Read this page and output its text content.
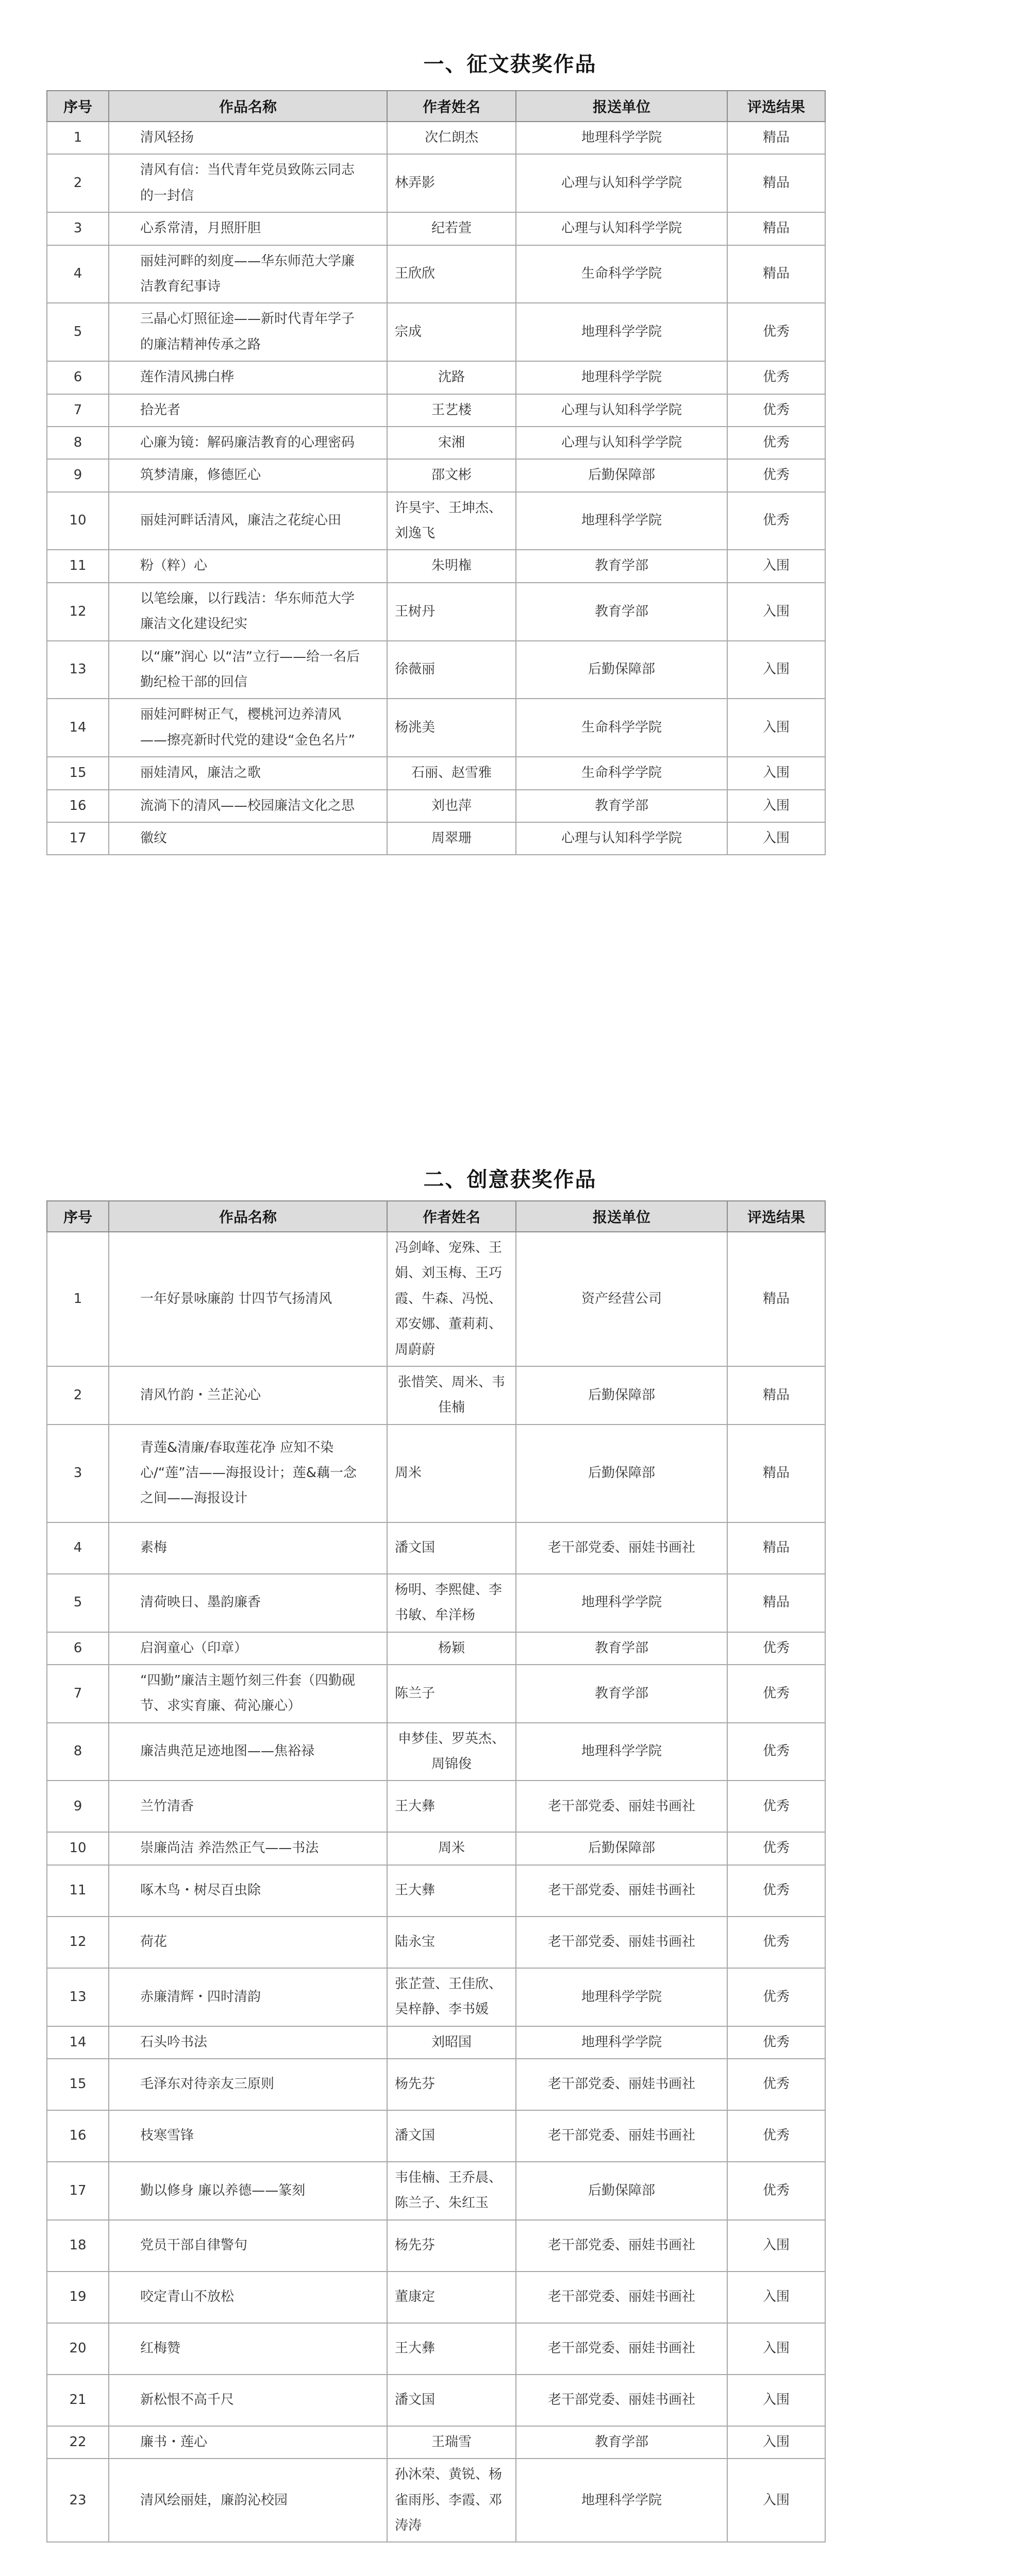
一、征文获奖作品
序号	作品名称	作者姓名	报送单位	评选结果
1	清风轻扬	次仁朗杰	地理科学学院	精品
2	清风有信：当代青年党员致陈云同志的一封信	林弄影	心理与认知科学学院	精品
3	心系常清，月照肝胆	纪若萱	心理与认知科学学院	精品
4	丽娃河畔的刻度——华东师范大学廉洁教育纪事诗	王欣欣	生命科学学院	精品
5	三晶心灯照征途——新时代青年学子的廉洁精神传承之路	宗成	地理科学学院	优秀
6	莲作清风拂白桦	沈路	地理科学学院	优秀
7	拾光者	王艺楼	心理与认知科学学院	优秀
8	心廉为镜：解码廉洁教育的心理密码	宋湘	心理与认知科学学院	优秀
9	筑梦清廉，修德匠心	邵文彬	后勤保障部	优秀
10	丽娃河畔话清风，廉洁之花绽心田	许昊宇、王坤杰、刘逸飞	地理科学学院	优秀
11	粉（粹）心	朱明権	教育学部	入围
12	以笔绘廉，以行践洁：华东师范大学廉洁文化建设纪实	王树丹	教育学部	入围
13	以“廉”润心 以“洁”立行——给一名后勤纪检干部的回信	徐薇丽	后勤保障部	入围
14	丽娃河畔树正气，樱桃河边养清风——擦亮新时代党的建设“金色名片”	杨洮美	生命科学学院	入围
15	丽娃清风，廉洁之歌	石丽、赵雪雅	生命科学学院	入围
16	流淌下的清风——校园廉洁文化之思	刘也萍	教育学部	入围
17	徽纹	周翠珊	心理与认知科学学院	入围
二、创意获奖作品
序号	作品名称	作者姓名	报送单位	评选结果
1	一年好景咏廉韵 廿四节气扬清风	冯剑峰、宠殊、王娟、刘玉梅、王巧霞、牛森、冯悦、邓安娜、董莉莉、周蔚蔚	资产经营公司	精品
2	清风竹韵・兰芷沁心	张惜笑、周米、韦佳楠	后勤保障部	精品
3	青莲&清廉/春取莲花净 应知不染心/“莲”洁——海报设计；莲&藕一念之间——海报设计	周米	后勤保障部	精品
4	素梅	潘文国	老干部党委、丽娃书画社	精品
5	清荷映日、墨韵廉香	杨明、李熙健、李书敏、牟洋杨	地理科学学院	精品
6	启润童心（印章）	杨颖	教育学部	优秀
7	“四勤”廉洁主题竹刻三件套（四勤砚节、求实育廉、荷沁廉心）	陈兰子	教育学部	优秀
8	廉洁典范足迹地图——焦裕禄	申梦佳、罗英杰、周锦俊	地理科学学院	优秀
9	兰竹清香	王大彝	老干部党委、丽娃书画社	优秀
10	崇廉尚洁 养浩然正气——书法	周米	后勤保障部	优秀
11	啄木鸟・树尽百虫除	王大彝	老干部党委、丽娃书画社	优秀
12	荷花	陆永宝	老干部党委、丽娃书画社	优秀
13	赤廉清辉・四时清韵	张芷萱、王佳欣、吴梓静、李书媛	地理科学学院	优秀
14	石头吟书法	刘昭国	地理科学学院	优秀
15	毛泽东对待亲友三原则	杨先芬	老干部党委、丽娃书画社	优秀
16	枝寒雪锋	潘文国	老干部党委、丽娃书画社	优秀
17	勤以修身 廉以养德——篆刻	韦佳楠、王乔晨、陈兰子、朱红玉	后勤保障部	优秀
18	党员干部自律警句	杨先芬	老干部党委、丽娃书画社	入围
19	咬定青山不放松	董康定	老干部党委、丽娃书画社	入围
20	红梅赞	王大彝	老干部党委、丽娃书画社	入围
21	新松恨不高千尺	潘文国	老干部党委、丽娃书画社	入围
22	廉书・莲心	王瑞雪	教育学部	入围
23	清风绘丽娃，廉韵沁校园	孙沐荣、黄锐、杨雀雨彤、李霞、邓涛涛	地理科学学院	入围
